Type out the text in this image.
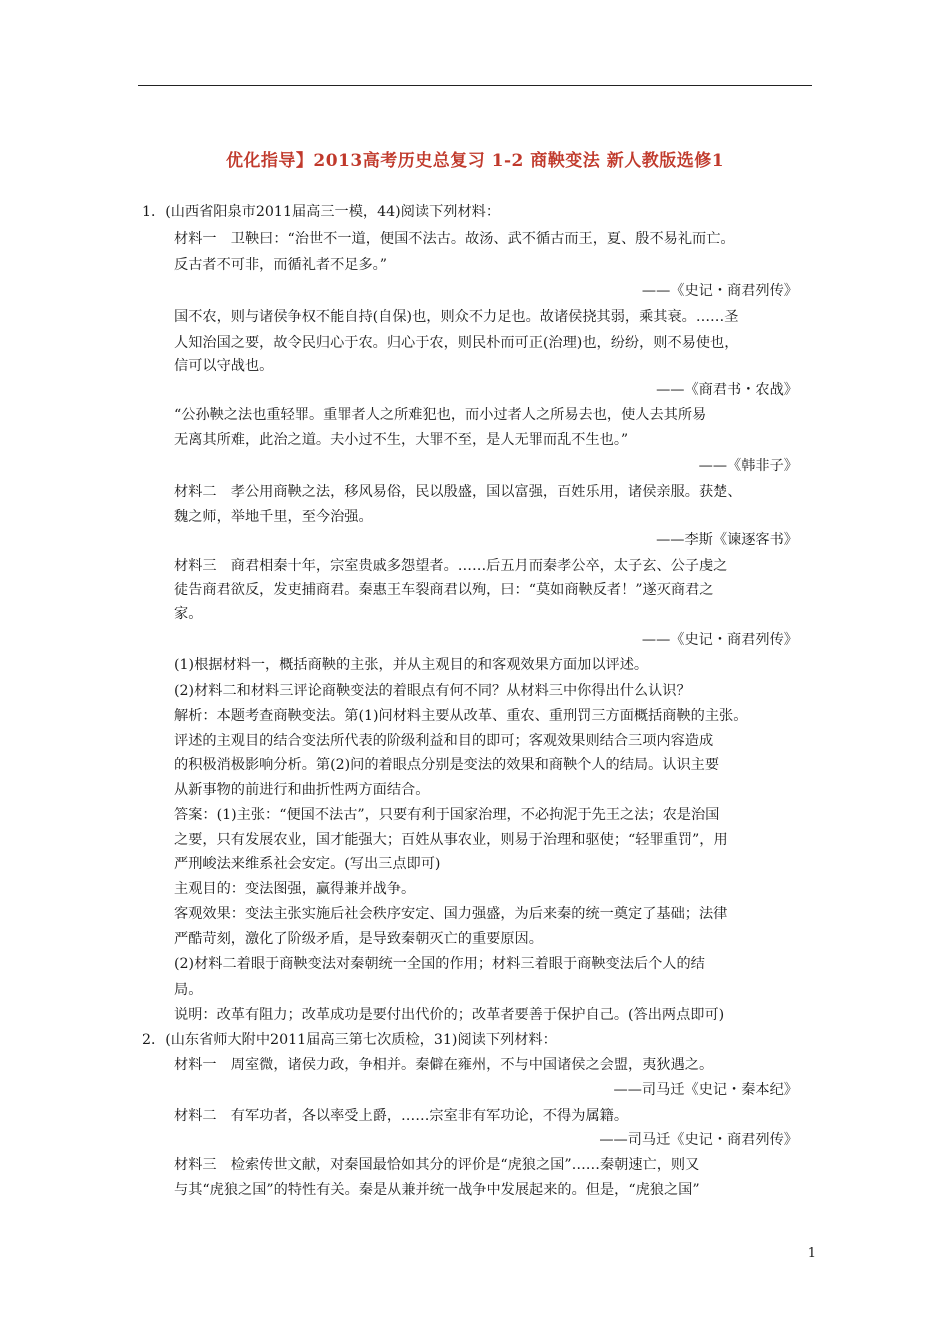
优化指导】2013高考历史总复习 1-2 商鞅变法 新人教版选修1
1．(山西省阳泉市2011届高三一模，44)阅读下列材料：
材料一　卫鞅曰：“治世不一道，便国不法古。故汤、武不循古而王，夏、殷不易礼而亡。
反古者不可非，而循礼者不足多。”
——《史记・商君列传》
国不农，则与诸侯争权不能自持(自保)也，则众不力足也。故诸侯挠其弱，乘其衰。……圣
人知治国之要，故令民归心于农。归心于农，则民朴而可正(治理)也，纷纷，则不易使也，
信可以守战也。
——《商君书・农战》
“公孙鞅之法也重轻罪。重罪者人之所难犯也，而小过者人之所易去也，使人去其所易
无离其所难，此治之道。夫小过不生，大罪不至，是人无罪而乱不生也。”
——《韩非子》
材料二　孝公用商鞅之法，移风易俗，民以殷盛，国以富强，百姓乐用，诸侯亲服。获楚、
魏之师，举地千里，至今治强。
——李斯《谏逐客书》
材料三　商君相秦十年，宗室贵戚多怨望者。……后五月而秦孝公卒，太子玄、公子虔之
徒告商君欲反，发吏捕商君。秦惠王车裂商君以殉，曰：“莫如商鞅反者！”遂灭商君之
家。
——《史记・商君列传》
(1)根据材料一，概括商鞅的主张，并从主观目的和客观效果方面加以评述。
(2)材料二和材料三评论商鞅变法的着眼点有何不同？从材料三中你得出什么认识？
解析：本题考查商鞅变法。第(1)问材料主要从改革、重农、重刑罚三方面概括商鞅的主张。
评述的主观目的结合变法所代表的阶级利益和目的即可；客观效果则结合三项内容造成
的积极消极影响分析。第(2)问的着眼点分别是变法的效果和商鞅个人的结局。认识主要
从新事物的前进行和曲折性两方面结合。
答案：(1)主张：“便国不法古”，只要有利于国家治理，不必拘泥于先王之法；农是治国
之要，只有发展农业，国才能强大；百姓从事农业，则易于治理和驱使；“轻罪重罚”，用
严刑峻法来维系社会安定。(写出三点即可)
主观目的：变法图强，赢得兼并战争。
客观效果：变法主张实施后社会秩序安定、国力强盛，为后来秦的统一奠定了基础；法律
严酷苛刻，激化了阶级矛盾，是导致秦朝灭亡的重要原因。
(2)材料二着眼于商鞅变法对秦朝统一全国的作用；材料三着眼于商鞅变法后个人的结
局。
说明：改革有阻力；改革成功是要付出代价的；改革者要善于保护自己。(答出两点即可)
2．(山东省师大附中2011届高三第七次质检，31)阅读下列材料：
材料一　周室微，诸侯力政，争相并。秦僻在雍州，不与中国诸侯之会盟，夷狄遇之。
——司马迁《史记・秦本纪》
材料二　有军功者，各以率受上爵，……宗室非有军功论，不得为属籍。
——司马迁《史记・商君列传》
材料三　检索传世文献，对秦国最恰如其分的评价是“虎狼之国”……秦朝速亡，则又
与其“虎狼之国”的特性有关。秦是从兼并统一战争中发展起来的。但是，“虎狼之国”
1
